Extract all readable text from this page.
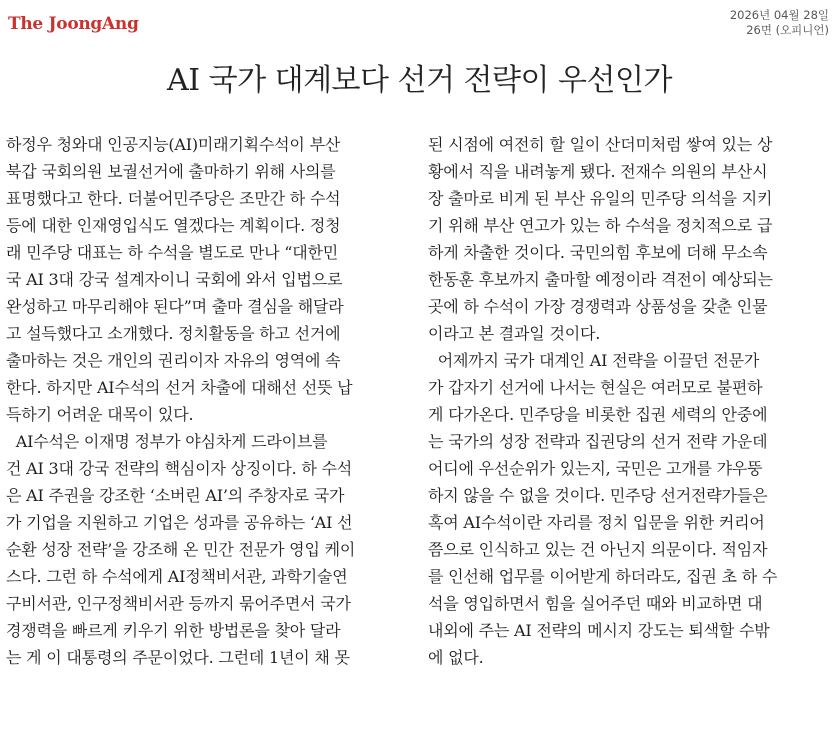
The JoongAng	2026년 04월 28일
26면 (오피니언)
AI 국가 대계보다 선거 전략이 우선인가
하정우 청와대 인공지능(AI)미래기획수석이 부산
북갑 국회의원 보궐선거에 출마하기 위해 사의를
표명했다고 한다. 더불어민주당은 조만간 하 수석
등에 대한 인재영입식도 열겠다는 계획이다. 정청
래 민주당 대표는 하 수석을 별도로 만나 “대한민
국 AI 3대 강국 설계자이니 국회에 와서 입법으로
완성하고 마무리해야 된다”며 출마 결심을 해달라
고 설득했다고 소개했다. 정치활동을 하고 선거에
출마하는 것은 개인의 권리이자 자유의 영역에 속
한다. 하지만 AI수석의 선거 차출에 대해선 선뜻 납
득하기 어려운 대목이 있다.
AI수석은 이재명 정부가 야심차게 드라이브를
건 AI 3대 강국 전략의 핵심이자 상징이다. 하 수석
은 AI 주권을 강조한 ‘소버린 AI’의 주창자로 국가
가 기업을 지원하고 기업은 성과를 공유하는 ‘AI 선
순환 성장 전략’을 강조해 온 민간 전문가 영입 케이
스다. 그런 하 수석에게 AI정책비서관, 과학기술연
구비서관, 인구정책비서관 등까지 묶어주면서 국가
경쟁력을 빠르게 키우기 위한 방법론을 찾아 달라
는 게 이 대통령의 주문이었다. 그런데 1년이 채 못
된 시점에 여전히 할 일이 산더미처럼 쌓여 있는 상
황에서 직을 내려놓게 됐다. 전재수 의원의 부산시
장 출마로 비게 된 부산 유일의 민주당 의석을 지키
기 위해 부산 연고가 있는 하 수석을 정치적으로 급
하게 차출한 것이다. 국민의힘 후보에 더해 무소속
한동훈 후보까지 출마할 예정이라 격전이 예상되는
곳에 하 수석이 가장 경쟁력과 상품성을 갖춘 인물
이라고 본 결과일 것이다.
어제까지 국가 대계인 AI 전략을 이끌던 전문가
가 갑자기 선거에 나서는 현실은 여러모로 불편하
게 다가온다. 민주당을 비롯한 집권 세력의 안중에
는 국가의 성장 전략과 집권당의 선거 전략 가운데
어디에 우선순위가 있는지, 국민은 고개를 갸우뚱
하지 않을 수 없을 것이다. 민주당 선거전략가들은
혹여 AI수석이란 자리를 정치 입문을 위한 커리어
쯤으로 인식하고 있는 건 아닌지 의문이다. 적임자
를 인선해 업무를 이어받게 하더라도, 집권 초 하 수
석을 영입하면서 힘을 실어주던 때와 비교하면 대
내외에 주는 AI 전략의 메시지 강도는 퇴색할 수밖
에 없다.
